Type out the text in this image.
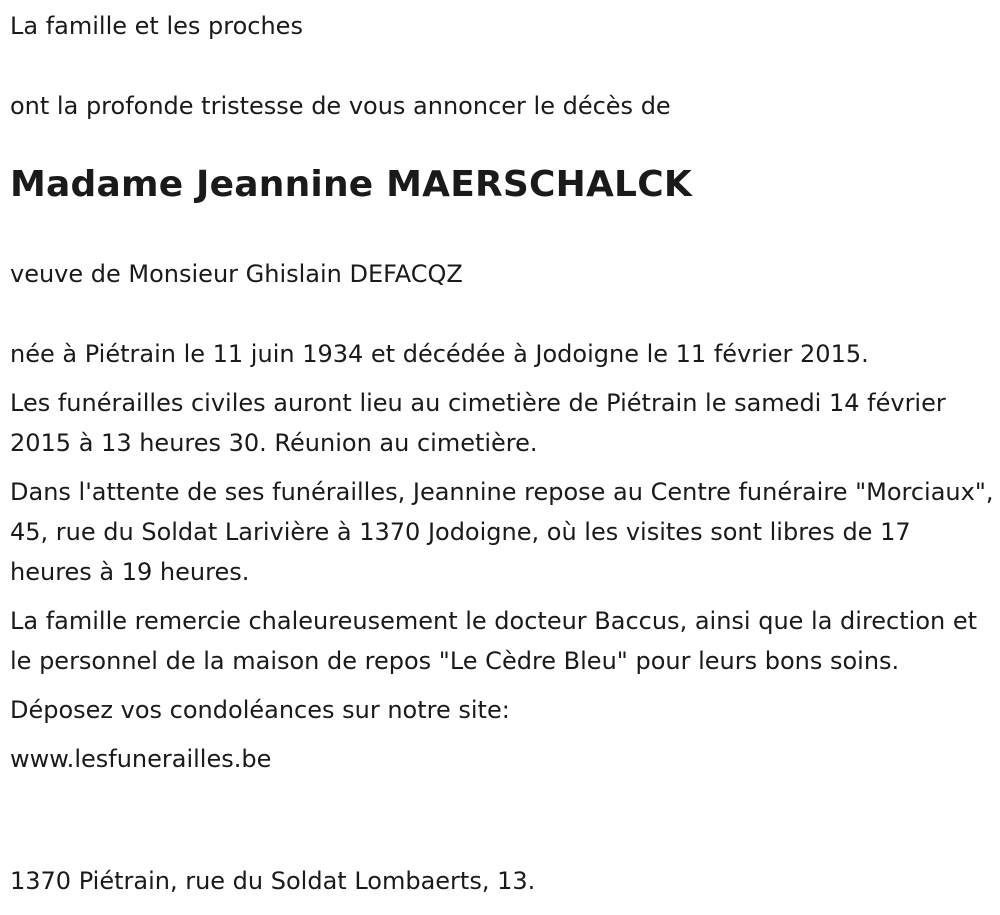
La famille et les proches

ont la profonde tristesse de vous annoncer le décès de

Madame Jeannine MAERSCHALCK

veuve de Monsieur Ghislain DEFACQZ

née à Piétrain le 11 juin 1934 et décédée à Jodoigne le 11 février 2015.

Les funérailles civiles auront lieu au cimetière de Piétrain le samedi 14 février 2015 à 13 heures 30. Réunion au cimetière.

Dans l'attente de ses funérailles, Jeannine repose au Centre funéraire "Morciaux", 45, rue du Soldat Larivière à 1370 Jodoigne, où les visites sont libres de 17 heures à 19 heures.

La famille remercie chaleureusement le docteur Baccus, ainsi que la direction et le personnel de la maison de repos "Le Cèdre Bleu" pour leurs bons soins.

Déposez vos condoléances sur notre site:

www.lesfunerailles.be

1370 Piétrain, rue du Soldat Lombaerts, 13.
